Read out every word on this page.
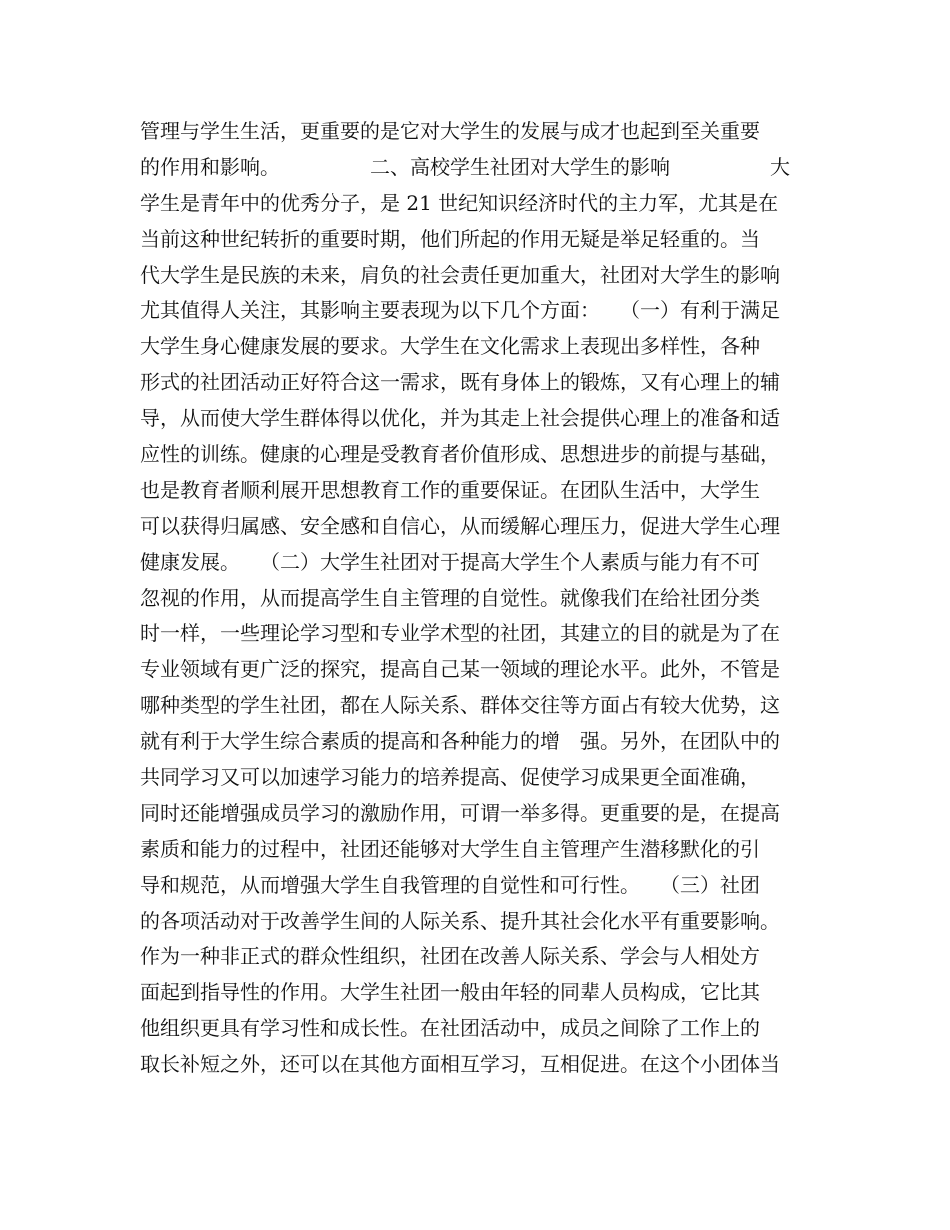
管理与学生生活，更重要的是它对大学生的发展与成才也起到至关重要
的作用和影响。　　　　　二、高校学生社团对大学生的影响　　　　　大
学生是青年中的优秀分子，是 21 世纪知识经济时代的主力军，尤其是在
当前这种世纪转折的重要时期，他们所起的作用无疑是举足轻重的。当
代大学生是民族的未来，肩负的社会责任更加重大，社团对大学生的影响
尤其值得人关注，其影响主要表现为以下几个方面：　　（一）有利于满足
大学生身心健康发展的要求。大学生在文化需求上表现出多样性，各种
形式的社团活动正好符合这一需求，既有身体上的锻炼，又有心理上的辅
导，从而使大学生群体得以优化，并为其走上社会提供心理上的准备和适
应性的训练。健康的心理是受教育者价值形成、思想进步的前提与基础，
也是教育者顺利展开思想教育工作的重要保证。在团队生活中，大学生
可以获得归属感、安全感和自信心，从而缓解心理压力，促进大学生心理
健康发展。　　（二）大学生社团对于提高大学生个人素质与能力有不可
忽视的作用，从而提高学生自主管理的自觉性。就像我们在给社团分类
时一样，一些理论学习型和专业学术型的社团，其建立的目的就是为了在
专业领域有更广泛的探究，提高自己某一领域的理论水平。此外，不管是
哪种类型的学生社团，都在人际关系、群体交往等方面占有较大优势，这
就有利于大学生综合素质的提高和各种能力的增　强。另外，在团队中的
共同学习又可以加速学习能力的培养提高、促使学习成果更全面准确，
同时还能增强成员学习的激励作用，可谓一举多得。更重要的是，在提高
素质和能力的过程中，社团还能够对大学生自主管理产生潜移默化的引
导和规范，从而增强大学生自我管理的自觉性和可行性。　　（三）社团
的各项活动对于改善学生间的人际关系、提升其社会化水平有重要影响。
作为一种非正式的群众性组织，社团在改善人际关系、学会与人相处方
面起到指导性的作用。大学生社团一般由年轻的同辈人员构成，它比其
他组织更具有学习性和成长性。在社团活动中，成员之间除了工作上的
取长补短之外，还可以在其他方面相互学习，互相促进。在这个小团体当
